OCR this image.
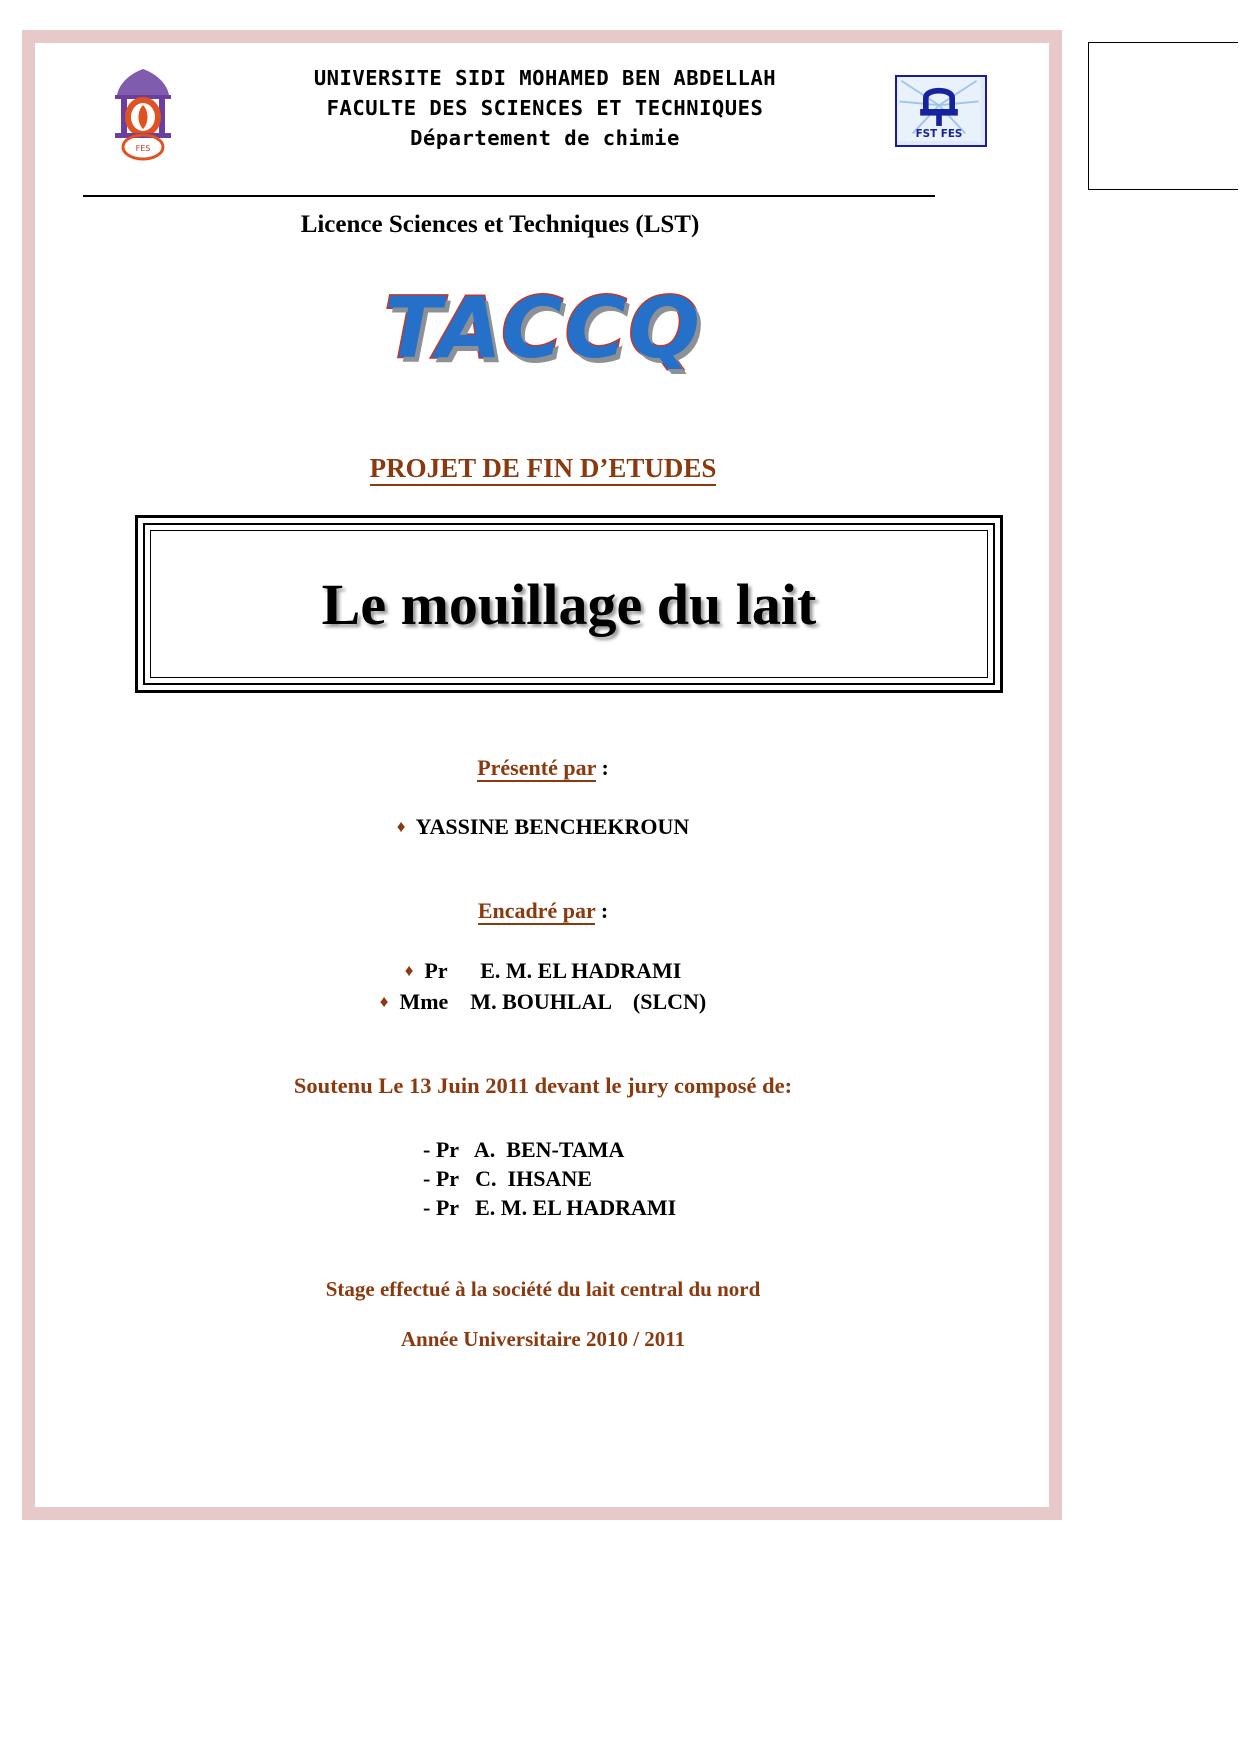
FES
UNIVERSITE SIDI MOHAMED BEN ABDELLAH
FACULTE DES SCIENCES ET TECHNIQUES
Département de chimie	FST FES
Licence Sciences et Techniques (LST)
TACCQ
PROJET DE FIN D’ETUDES
Le mouillage du lait
Présenté par :
♦ YASSINE BENCHEKROUN
Encadré par :
♦ Pr      E. M. EL HADRAMI
♦ Mme    M. BOUHLAL    (SLCN)
Soutenu Le 13 Juin 2011 devant le jury composé de:
- Pr   A.  BEN-TAMA
- Pr   C.  IHSANE
- Pr   E. M. EL HADRAMI
Stage effectué à la société du lait central du nord
Année Universitaire 2010 / 2011
